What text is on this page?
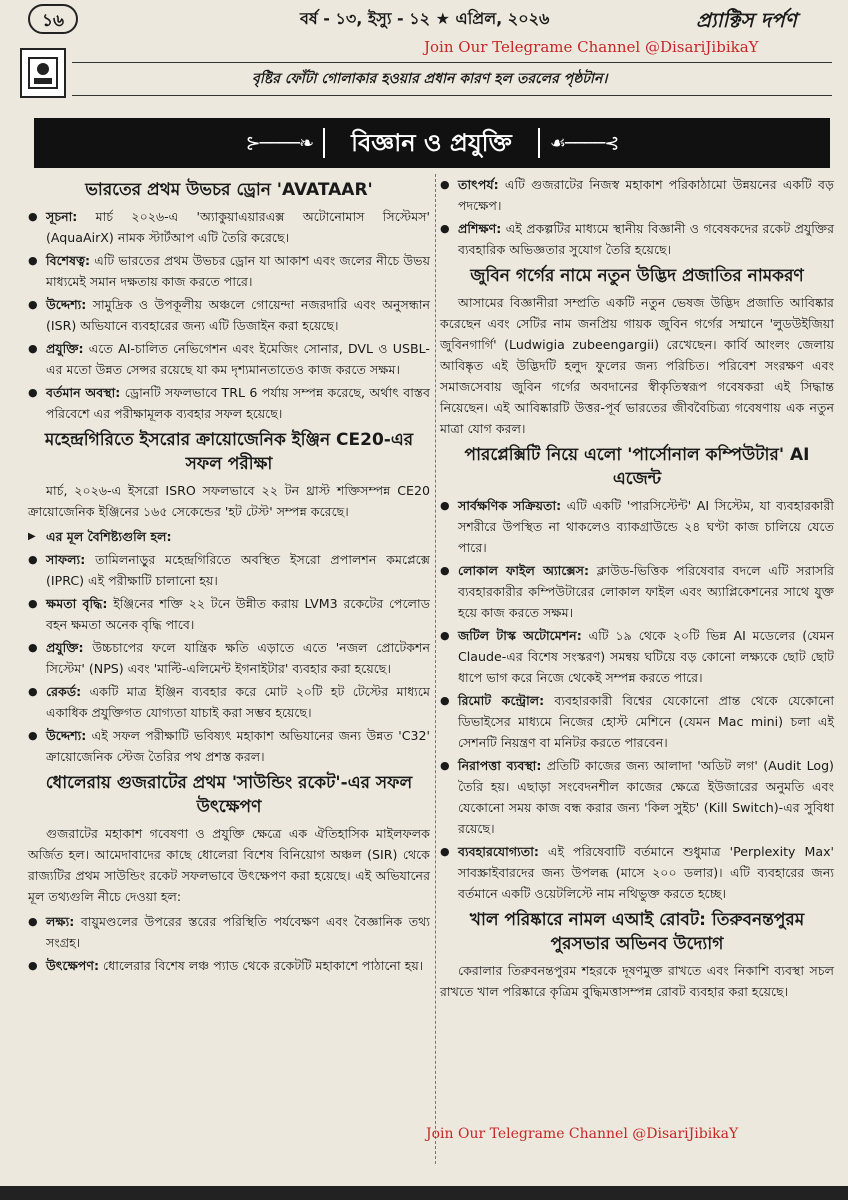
১৬	বর্ষ - ১৩, ইস্যু - ১২ ★ এপ্রিল, ২০২৬	প্র্যাক্টিস দর্পণ
Join Our Telegrame Channel @DisariJibikaY
বৃষ্টির ফোঁটা গোলাকার হওয়ার প্রধান কারণ হল তরলের পৃষ্ঠটান।
⊱────❧	বিজ্ঞান ও প্রযুক্তি	☙────⊰
ভারতের প্রথম উভচর ড্রোন 'AVATAAR'
● সূচনা: মার্চ ২০২৬-এ 'অ্যাকুয়াএয়ারএক্স অটোনোমাস সিস্টেমস' (AquaAirX) নামক স্টার্টআপ এটি তৈরি করেছে।
● বিশেষত্ব: এটি ভারতের প্রথম উভচর ড্রোন যা আকাশ এবং জলের নীচে উভয় মাধ্যমেই সমান দক্ষতায় কাজ করতে পারে।
● উদ্দেশ্য: সামুদ্রিক ও উপকূলীয় অঞ্চলে গোয়েন্দা নজরদারি এবং অনুসন্ধান (ISR) অভিযানে ব্যবহারের জন্য এটি ডিজাইন করা হয়েছে।
● প্রযুক্তি: এতে AI-চালিত নেভিগেশন এবং ইমেজিং সোনার, DVL ও USBL-এর মতো উন্নত সেন্সর রয়েছে যা কম দৃশ্যমানতাতেও কাজ করতে সক্ষম।
● বর্তমান অবস্থা: ড্রোনটি সফলভাবে TRL 6 পর্যায় সম্পন্ন করেছে, অর্থাৎ বাস্তব পরিবেশে এর পরীক্ষামূলক ব্যবহার সফল হয়েছে।
মহেন্দ্রগিরিতে ইসরোর ক্রায়োজেনিক ইঞ্জিন CE20-এর সফল পরীক্ষা

মার্চ, ২০২৬-এ ইসরো ISRO সফলভাবে ২২ টন থ্রাস্ট শক্তিসম্পন্ন CE20 ক্রায়োজেনিক ইঞ্জিনের ১৬৫ সেকেন্ডের 'হট টেস্ট' সম্পন্ন করেছে।

▶ এর মূল বৈশিষ্ট্যগুলি হল:
● সাফল্য: তামিলনাড়ুর মহেন্দ্রগিরিতে অবস্থিত ইসরো প্রপালশন কমপ্লেক্সে (IPRC) এই পরীক্ষাটি চালানো হয়।
● ক্ষমতা বৃদ্ধি: ইঞ্জিনের শক্তি ২২ টনে উন্নীত করায় LVM3 রকেটের পেলোড বহন ক্ষমতা অনেক বৃদ্ধি পাবে।
● প্রযুক্তি: উচ্চচাপের ফলে যান্ত্রিক ক্ষতি এড়াতে এতে 'নজল প্রোটেকশন সিস্টেম' (NPS) এবং 'মাল্টি-এলিমেন্ট ইগনাইটার' ব্যবহার করা হয়েছে।
● রেকর্ড: একটি মাত্র ইঞ্জিন ব্যবহার করে মোট ২০টি হট টেস্টের মাধ্যমে একাধিক প্রযুক্তিগত যোগ্যতা যাচাই করা সম্ভব হয়েছে।
● উদ্দেশ্য: এই সফল পরীক্ষাটি ভবিষ্যৎ মহাকাশ অভিযানের জন্য উন্নত 'C32' ক্রায়োজেনিক স্টেজ তৈরির পথ প্রশস্ত করল।
ধোলেরায় গুজরাটের প্রথম 'সাউন্ডিং রকেট'-এর সফল উৎক্ষেপণ

গুজরাটের মহাকাশ গবেষণা ও প্রযুক্তি ক্ষেত্রে এক ঐতিহাসিক মাইলফলক অর্জিত হল। আমেদাবাদের কাছে ধোলেরা বিশেষ বিনিয়োগ অঞ্চল (SIR) থেকে রাজ্যটির প্রথম সাউন্ডিং রকেট সফলভাবে উৎক্ষেপণ করা হয়েছে। এই অভিযানের মূল তথ্যগুলি নীচে দেওয়া হল:

● লক্ষ্য: বায়ুমণ্ডলের উপরের স্তরের পরিস্থিতি পর্যবেক্ষণ এবং বৈজ্ঞানিক তথ্য সংগ্রহ।
● উৎক্ষেপণ: ধোলেরার বিশেষ লঞ্চ প্যাড থেকে রকেটটি মহাকাশে পাঠানো হয়।
● তাৎপর্য: এটি গুজরাটের নিজস্ব মহাকাশ পরিকাঠামো উন্নয়নের একটি বড় পদক্ষেপ।
● প্রশিক্ষণ: এই প্রকল্পটির মাধ্যমে স্থানীয় বিজ্ঞানী ও গবেষকদের রকেট প্রযুক্তির ব্যবহারিক অভিজ্ঞতার সুযোগ তৈরি হয়েছে।
জুবিন গর্গের নামে নতুন উদ্ভিদ প্রজাতির নামকরণ

আসামের বিজ্ঞানীরা সম্প্রতি একটি নতুন ভেষজ উদ্ভিদ প্রজাতি আবিষ্কার করেছেন এবং সেটির নাম জনপ্রিয় গায়ক জুবিন গর্গের সম্মানে 'লুডউইজিয়া জুবিনগার্গি' (Ludwigia zubeengargii) রেখেছেন। কার্বি আংলং জেলায় আবিষ্কৃত এই উদ্ভিদটি হলুদ ফুলের জন্য পরিচিত। পরিবেশ সংরক্ষণ এবং সমাজসেবায় জুবিন গর্গের অবদানের স্বীকৃতিস্বরূপ গবেষকরা এই সিদ্ধান্ত নিয়েছেন। এই আবিষ্কারটি উত্তর-পূর্ব ভারতের জীববৈচিত্র্য গবেষণায় এক নতুন মাত্রা যোগ করল।

পারপ্লেক্সিটি নিয়ে এলো 'পার্সোনাল কম্পিউটার' AI এজেন্ট
● সার্বক্ষণিক সক্রিয়তা: এটি একটি 'পারসিস্টেন্ট' AI সিস্টেম, যা ব্যবহারকারী সশরীরে উপস্থিত না থাকলেও ব্যাকগ্রাউন্ডে ২৪ ঘণ্টা কাজ চালিয়ে যেতে পারে।
● লোকাল ফাইল অ্যাক্সেস: ক্লাউড-ভিত্তিক পরিষেবার বদলে এটি সরাসরি ব্যবহারকারীর কম্পিউটারের লোকাল ফাইল এবং অ্যাপ্লিকেশনের সাথে যুক্ত হয়ে কাজ করতে সক্ষম।
● জটিল টাস্ক অটোমেশন: এটি ১৯ থেকে ২০টি ভিন্ন AI মডেলের (যেমন Claude-এর বিশেষ সংস্করণ) সমন্বয় ঘটিয়ে বড় কোনো লক্ষ্যকে ছোট ছোট ধাপে ভাগ করে নিজে থেকেই সম্পন্ন করতে পারে।
● রিমোট কন্ট্রোল: ব্যবহারকারী বিশ্বের যেকোনো প্রান্ত থেকে যেকোনো ডিভাইসের মাধ্যমে নিজের হোস্ট মেশিনে (যেমন Mac mini) চলা এই সেশনটি নিয়ন্ত্রণ বা মনিটর করতে পারবেন।
● নিরাপত্তা ব্যবস্থা: প্রতিটি কাজের জন্য আলাদা 'অডিট লগ' (Audit Log) তৈরি হয়। এছাড়া সংবেদনশীল কাজের ক্ষেত্রে ইউজারের অনুমতি এবং যেকোনো সময় কাজ বন্ধ করার জন্য 'কিল সুইচ' (Kill Switch)-এর সুবিধা রয়েছে।
● ব্যবহারযোগ্যতা: এই পরিষেবাটি বর্তমানে শুধুমাত্র 'Perplexity Max' সাবস্ক্রাইবারদের জন্য উপলব্ধ (মাসে ২০০ ডলার)। এটি ব্যবহারের জন্য বর্তমানে একটি ওয়েটলিস্টে নাম নথিভুক্ত করতে হচ্ছে।
খাল পরিষ্কারে নামল এআই রোবট: তিরুবনন্তপুরম পুরসভার অভিনব উদ্যোগ

কেরালার তিরুবনন্তপুরম শহরকে দূষণমুক্ত রাখতে এবং নিকাশি ব্যবস্থা সচল রাখতে খাল পরিষ্কারে কৃত্রিম বুদ্ধিমত্তাসম্পন্ন রোবট ব্যবহার করা হয়েছে।

Join Our Telegrame Channel @DisariJibikaY
